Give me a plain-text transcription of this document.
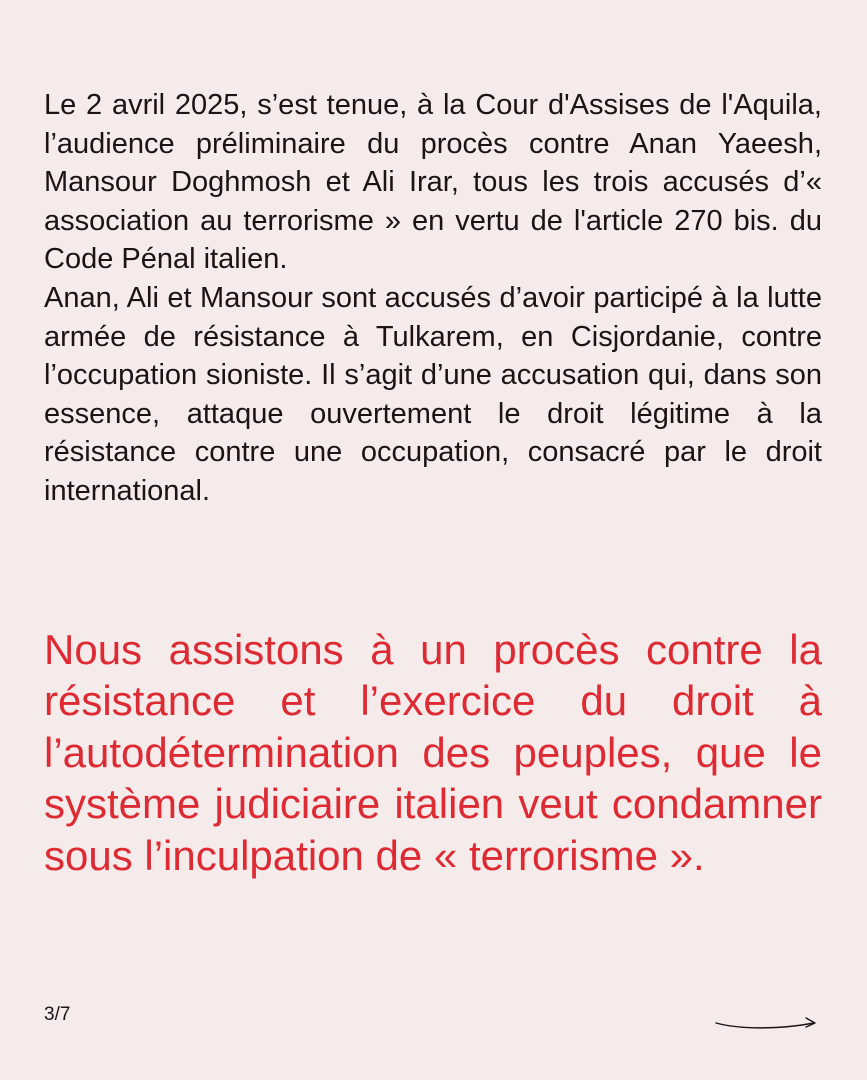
Le 2 avril 2025, s’est tenue, à la Cour d'Assises de l'Aquila, l’audience préliminaire du procès contre Anan Yaeesh, Mansour Doghmosh et Ali Irar, tous les trois accusés d’« association au terrorisme » en vertu de l'article 270 bis. du Code Pénal italien.

Anan, Ali et Mansour sont accusés d’avoir participé à la lutte armée de résistance à Tulkarem, en Cisjordanie, contre l’occupation sioniste. Il s’agit d’une accusation qui, dans son essence, attaque ouvertement le droit légitime à la résistance contre une occupation, consacré par le droit international.

Nous assistons à un procès contre la résistance et l’exercice du droit à l’autodétermination des peuples, que le système judiciaire italien veut condamner sous l’inculpation de « terrorisme ».
3/7
